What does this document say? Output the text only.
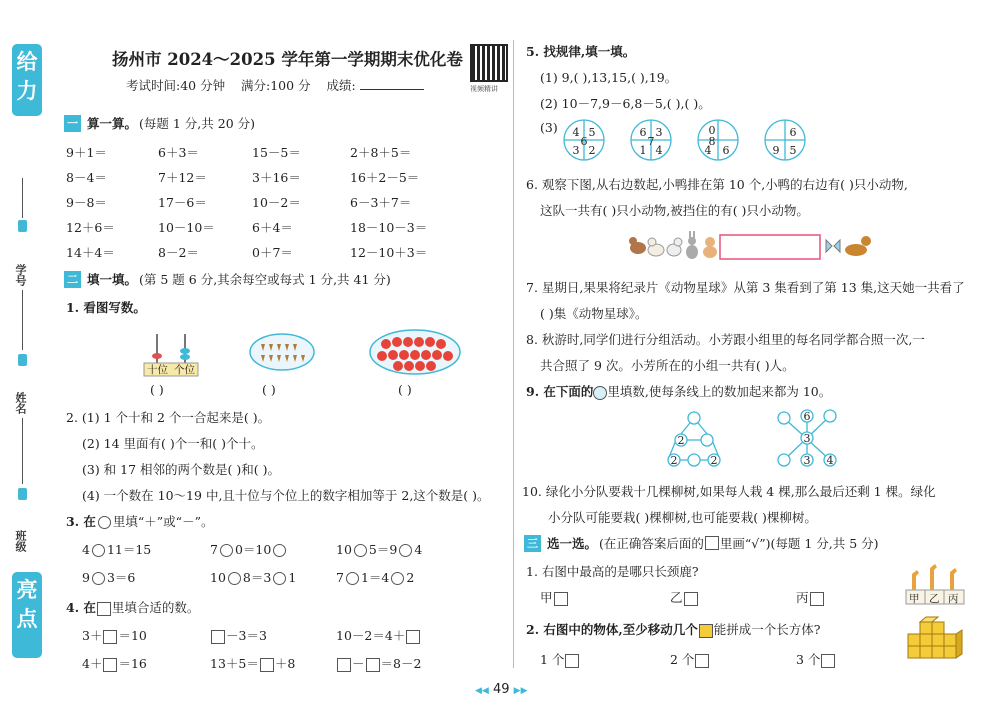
给
力
学号
姓名
班级
亮
点
扬州市 2024～2025 学年第一学期期末优化卷
考试时间:40 分钟 满分:100 分 成绩:	视频精讲
一 算一算。 (每题 1 分,共 20 分)
9＋1＝	6＋3＝	15－5＝	2＋8＋5＝
8－4＝	7＋12＝	3＋16＝	16＋2－5＝
9－8＝	17－6＝	10－2＝	6－3＋7＝
12＋6＝	10－10＝	6＋4＝	18－10－3＝
14＋4＝	8－2＝	0＋7＝	12－10＋3＝
二 填一填。 (第 5 题 6 分,其余每空或每式 1 分,共 41 分)
1. 看图写数。
十位 个位
( )	( )	( )
2. (1) 1 个十和 2 个一合起来是( )。
(2) 14 里面有( )个一和( )个十。
(3) 和 17 相邻的两个数是( )和( )。
(4) 一个数在 10～19 中,且十位与个位上的数字相加等于 2,这个数是( )。
3. 在 里填“＋”或“－”。
4 11＝15	7 0＝10	10 5＝9 4
9 3＝6	10 8＝3 1	7 1＝4 2
4. 在 里填合适的数。
3＋ ＝10	－3＝3	10－2＝4＋
4＋ ＝16	13＋5＝ ＋8	－ ＝8－2
5. 找规律,填一填。
(1) 9,( ),13,15,( ),19。
(2) 10－7,9－6,8－5,( ),( )。
(3) 4 5
3 2
6
6 3
1 4
7
0
4 6
8
6
9 5
6. 观察下图,从右边数起,小鸭排在第 10 个,小鸭的右边有( )只小动物,
这队一共有( )只小动物,被挡住的有( )只小动物。
7. 星期日,果果将纪录片《动物星球》从第 3 集看到了第 13 集,这天她一共看了
( )集《动物星球》。
8. 秋游时,同学们进行分组活动。小芳跟小组里的每名同学都合照一次,一
共合照了 9 次。小芳所在的小组一共有( )人。
9. 在下面的 里填数,使每条线上的数加起来都为 10。
2
2	2
6
3
3 4
10. 绿化小分队要栽十几棵柳树,如果每人栽 4 棵,那么最后还剩 1 棵。绿化
小分队可能要栽( )棵柳树,也可能要栽( )棵柳树。
三 选一选。 (在正确答案后面的 里画“√”)(每题 1 分,共 5 分)
1. 右图中最高的是哪只长颈鹿?
甲	乙	丙	甲 乙 丙
2. 右图中的物体,至少移动几个 能拼成一个长方体?
1 个	2 个	3 个
◀◀ 49 ▶▶
